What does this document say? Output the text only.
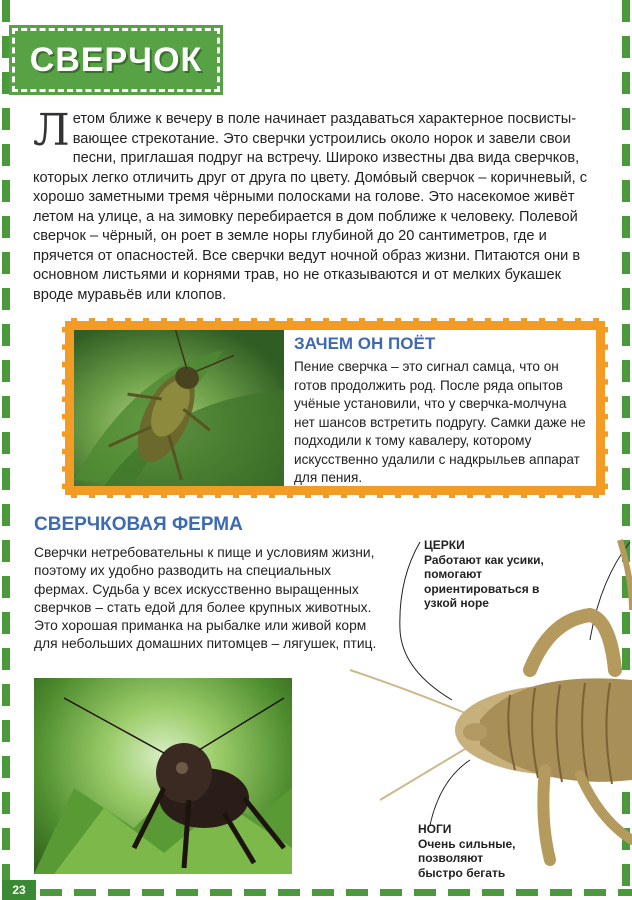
СВЕРЧОК

Летом ближе к вечеру в поле начинает раздаваться характерное посвистывающее стрекотание. Это сверчки устроились около норок и завели свои песни, приглашая подруг на встречу. Широко известны два вида сверчков, которых легко отличить друг от друга по цвету. Домóвый сверчок – коричневый, с хорошо заметными тремя чёрными полосками на голове. Это насекомое живёт летом на улице, а на зимовку перебирается в дом поближе к человеку. Полевой сверчок – чёрный, он роет в земле норы глубиной до 20 сантиметров, где и прячется от опасностей. Все сверчки ведут ночной образ жизни. Питаются они в основном листьями и корнями трав, но не отказываются и от мелких букашек вроде муравьёв или клопов.

ЗАЧЕМ ОН ПОЁТ

Пение сверчка – это сигнал самца, что он готов продолжить род. После ряда опытов учёные установили, что у сверчка-молчуна нет шансов встретить подругу. Самки даже не подходили к тому кавалеру, которому искусственно удалили с надкрыльев аппарат для пения.

СВЕРЧКОВАЯ ФЕРМА

Сверчки нетребовательны к пище и условиям жизни, поэтому их удобно разводить на специальных фермах. Судьба у всех искусственно выращенных сверчков – стать едой для более крупных животных. Это хорошая приманка на рыбалке или живой корм для небольших домашних питомцев – лягушек, птиц.

ЦЕРКИ
Работают как усики, помогают ориентироваться в узкой норе
НОГИ
Очень сильные, позволяют быстро бегать
23
